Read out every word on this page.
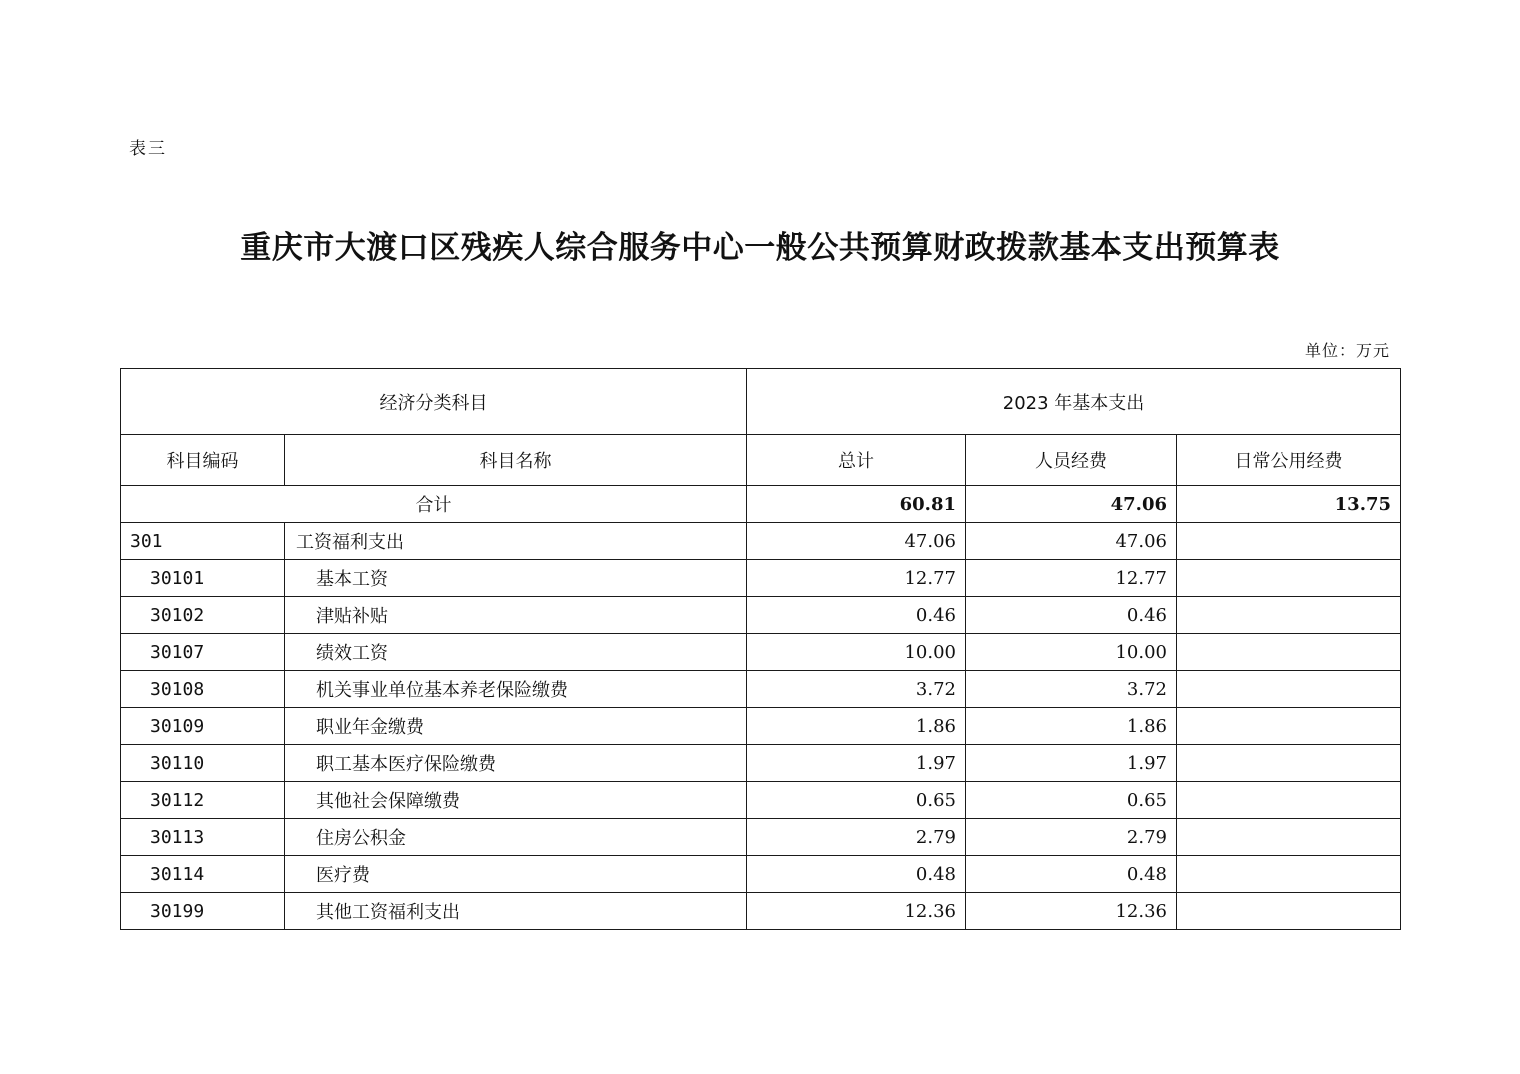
表三
重庆市大渡口区残疾人综合服务中心一般公共预算财政拨款基本支出预算表
单位：万元
经济分类科目		2023 年基本支出		
科目编码	科目名称	总计	人员经费	日常公用经费
合计		60.81	47.06	13.75
301	工资福利支出	47.06	47.06	
30101	基本工资	12.77	12.77	
30102	津贴补贴	0.46	0.46	
30107	绩效工资	10.00	10.00	
30108	机关事业单位基本养老保险缴费	3.72	3.72	
30109	职业年金缴费	1.86	1.86	
30110	职工基本医疗保险缴费	1.97	1.97	
30112	其他社会保障缴费	0.65	0.65	
30113	住房公积金	2.79	2.79	
30114	医疗费	0.48	0.48	
30199	其他工资福利支出	12.36	12.36	
